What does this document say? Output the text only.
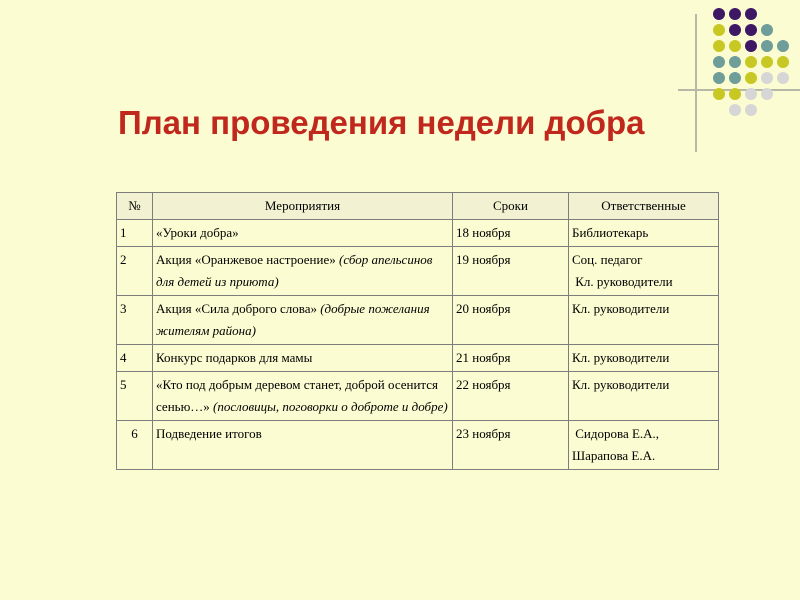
План проведения недели добра
№	Мероприятия	Сроки	Ответственные
1	«Уроки добра»	18 ноября	Библиотекарь

2	Акция «Оранжевое настроение» (сбор апельсинов для детей из приюта)	19 ноября	Соц. педагог
Кл. руководители

3	Акция «Сила доброго слова» (добрые пожелания жителям района)	20 ноября	Кл. руководители

4	Конкурс подарков для мамы	21 ноября	Кл. руководители

5	«Кто под добрым деревом станет, доброй осенится сенью…» (пословицы, поговорки о доброте и добре)	22 ноября	Кл. руководители

6	Подведение итогов	23 ноября	Сидорова Е.А.,
Шарапова Е.А.
